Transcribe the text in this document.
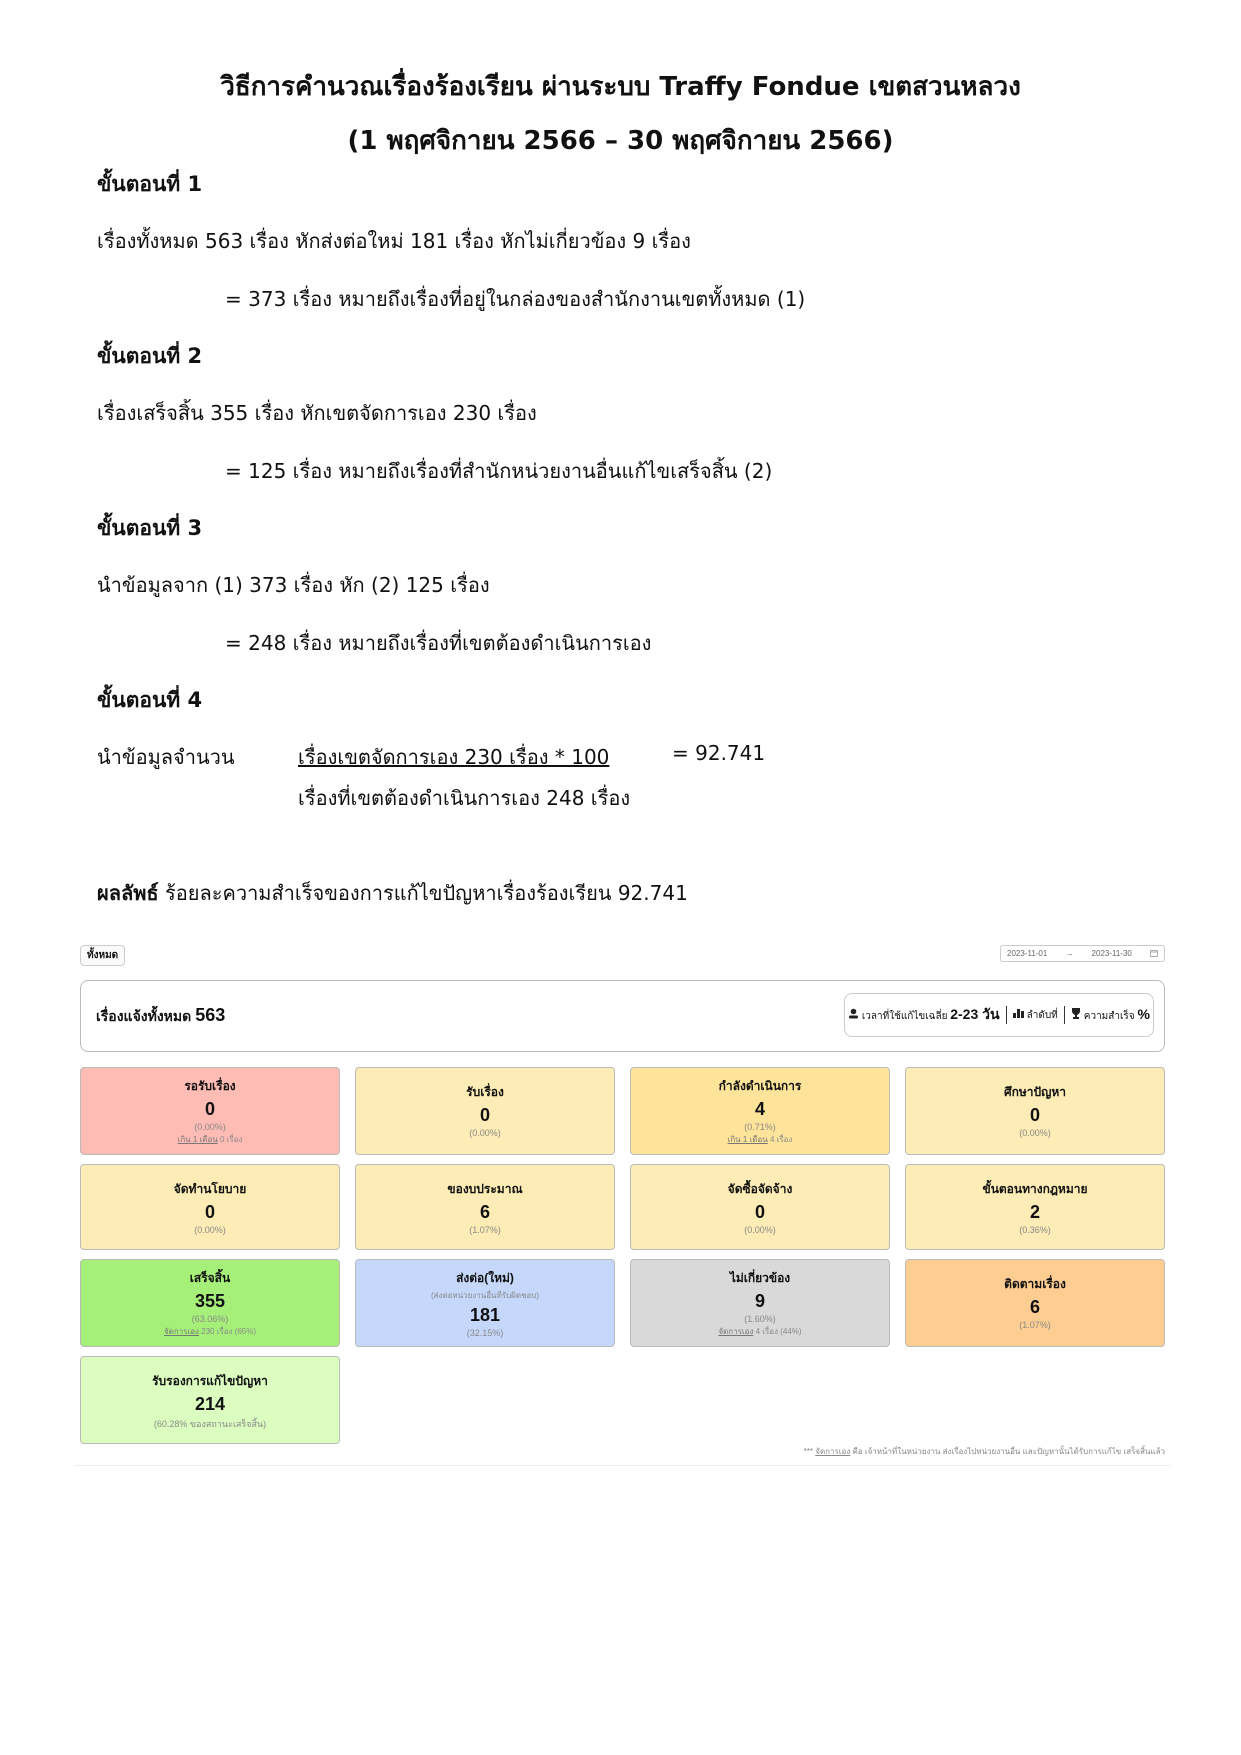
วิธีการคำนวณเรื่องร้องเรียน ผ่านระบบ Traffy Fondue เขตสวนหลวง
(1 พฤศจิกายน 2566 – 30 พฤศจิกายน 2566)
ขั้นตอนที่ 1
เรื่องทั้งหมด 563 เรื่อง หักส่งต่อใหม่ 181 เรื่อง หักไม่เกี่ยวข้อง 9 เรื่อง
= 373 เรื่อง หมายถึงเรื่องที่อยู่ในกล่องของสำนักงานเขตทั้งหมด (1)
ขั้นตอนที่ 2
เรื่องเสร็จสิ้น 355 เรื่อง หักเขตจัดการเอง 230 เรื่อง
= 125 เรื่อง หมายถึงเรื่องที่สำนักหน่วยงานอื่นแก้ไขเสร็จสิ้น (2)
ขั้นตอนที่ 3
นำข้อมูลจาก (1) 373 เรื่อง หัก (2) 125 เรื่อง
= 248 เรื่อง หมายถึงเรื่องที่เขตต้องดำเนินการเอง
ขั้นตอนที่ 4
นำข้อมูลจำนวน	เรื่องเขตจัดการเอง 230 เรื่อง * 100
เรื่องที่เขตต้องดำเนินการเอง 248 เรื่อง
= 92.741
ผลลัพธ์ ร้อยละความสำเร็จของการแก้ไขปัญหาเรื่องร้องเรียน 92.741
ทั้งหมด	2023-11-01 → 2023-11-30
เรื่องแจ้งทั้งหมด 563	เวลาที่ใช้แก้ไขเฉลี่ย 2-23 วัน	ลำดับที่	ความสำเร็จ %
รอรับเรื่อง
0
(0.00%)
เกิน 1 เดือน 0 เรื่อง
รับเรื่อง
0
(0.00%)
กำลังดำเนินการ
4
(0.71%)
เกิน 1 เดือน 4 เรื่อง
ศึกษาปัญหา
0
(0.00%)
จัดทำนโยบาย
0
(0.00%)
ของบประมาณ
6
(1.07%)
จัดซื้อจัดจ้าง
0
(0.00%)
ขั้นตอนทางกฎหมาย
2
(0.36%)
เสร็จสิ้น
355
(63.06%)
จัดการเอง 230 เรื่อง (65%)
ส่งต่อ(ใหม่)
(ส่งต่อหน่วยงานอื่นที่รับผิดชอบ)
181
(32.15%)
ไม่เกี่ยวข้อง
9
(1.60%)
จัดการเอง 4 เรื่อง (44%)
ติดตามเรื่อง
6
(1.07%)
รับรองการแก้ไขปัญหา
214
(60.28% ของสถานะเสร็จสิ้น)
*** จัดการเอง คือ เจ้าหน้าที่ในหน่วยงาน ส่งเรื่องไปหน่วยงานอื่น และปัญหานั้นได้รับการแก้ไข เสร็จสิ้นแล้ว
